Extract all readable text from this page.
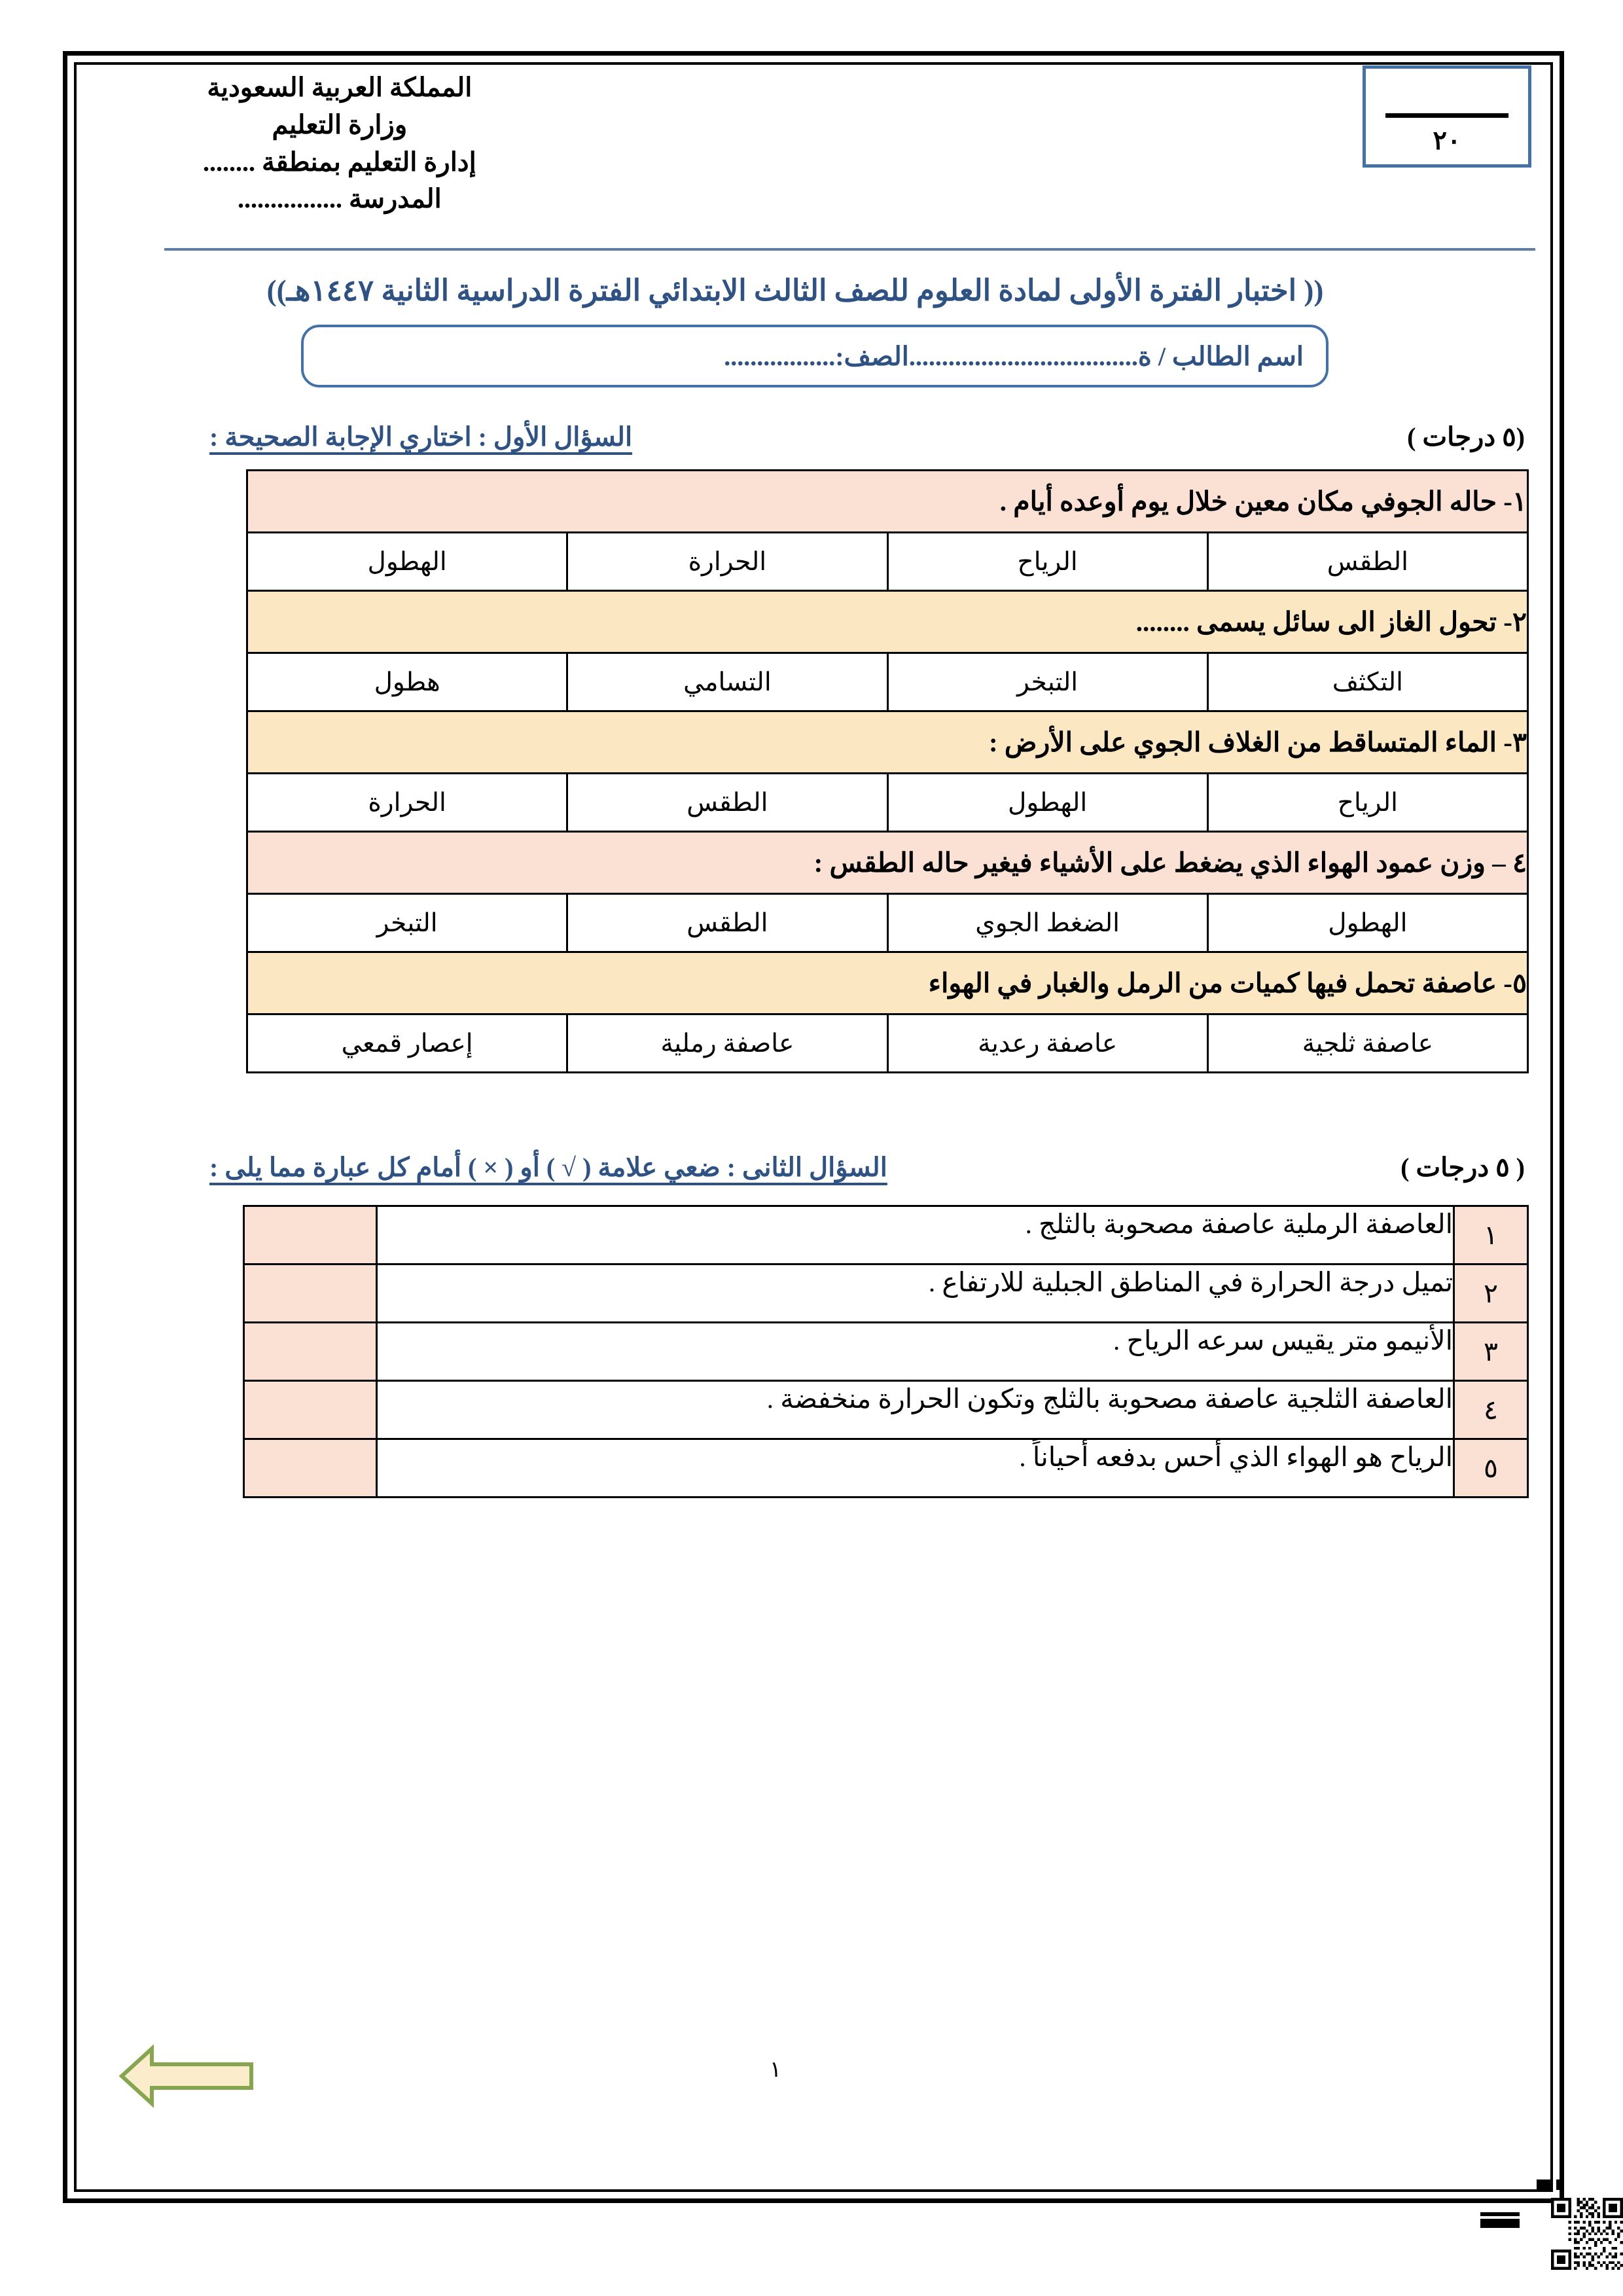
المملكة العربية السعودية
وزارة التعليم
إدارة التعليم بمنطقة ........
المدرسة ................
٢٠
(( اختبار الفترة الأولى لمادة العلوم للصف الثالث الابتدائي الفترة الدراسية الثانية ١٤٤٧هـ))
اسم الطالب / ة
...................................
الصف:
.................
السؤال الأول : اختاري الإجابة الصحيحة :	(٥ درجات )
١- حاله الجوفي مكان معين خلال يوم أوعده أيام .			
الطقس	الرياح	الحرارة	الهطول
٢- تحول الغاز الى سائل يسمى ........			
التكثف	التبخر	التسامي	هطول
٣- الماء المتساقط من الغلاف الجوي على الأرض :			
الرياح	الهطول	الطقس	الحرارة
٤ – وزن عمود الهواء الذي يضغط على الأشياء فيغير حاله الطقس :			
الهطول	الضغط الجوي	الطقس	التبخر
٥- عاصفة تحمل فيها كميات من الرمل والغبار في الهواء			
عاصفة ثلجية	عاصفة رعدية	عاصفة رملية	إعصار قمعي
السؤال الثانى : ضعي علامة ( √ ) أو ( × ) أمام كل عبارة مما يلى :	( ٥ درجات )
١	العاصفة الرملية عاصفة مصحوبة بالثلج .	
٢	تميل درجة الحرارة في المناطق الجبلية للارتفاع .	
٣	الأنيمو متر يقيس سرعه الرياح .	
٤	العاصفة الثلجية عاصفة مصحوبة بالثلج وتكون الحرارة منخفضة .	
٥	الرياح هو الهواء الذي أحس بدفعه أحياناً .	
١
